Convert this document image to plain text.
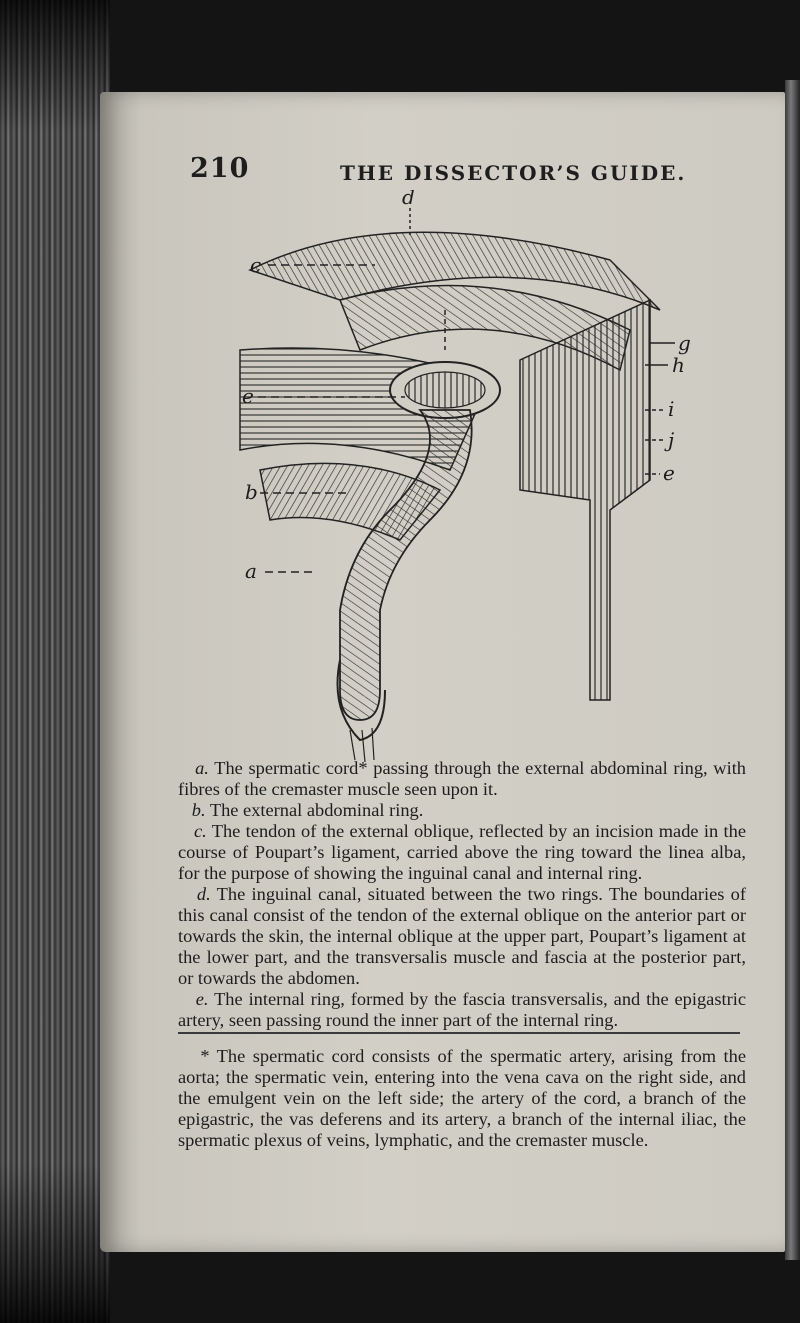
210	THE DISSECTOR’S GUIDE.
d
c
g
h
e
i
j
e
b
a

a. The spermatic cord* passing through the external abdominal ring, with fibres of the cremaster muscle seen upon it.

b. The external abdominal ring.

c. The tendon of the external oblique, reflected by an incision made in the course of Poupart’s ligament, carried above the ring toward the linea alba, for the purpose of showing the inguinal canal and internal ring.

d. The inguinal canal, situated between the two rings. The boundaries of this canal consist of the tendon of the external oblique on the anterior part or towards the skin, the internal oblique at the upper part, Poupart’s ligament at the lower part, and the transversalis muscle and fascia at the posterior part, or towards the abdomen.

e. The internal ring, formed by the fascia transversalis, and the epigastric artery, seen passing round the inner part of the internal ring.

* The spermatic cord consists of the spermatic artery, arising from the aorta; the spermatic vein, entering into the vena cava on the right side, and the emulgent vein on the left side; the artery of the cord, a branch of the epigastric, the vas deferens and its artery, a branch of the internal iliac, the spermatic plexus of veins, lymphatic, and the cremaster muscle.
